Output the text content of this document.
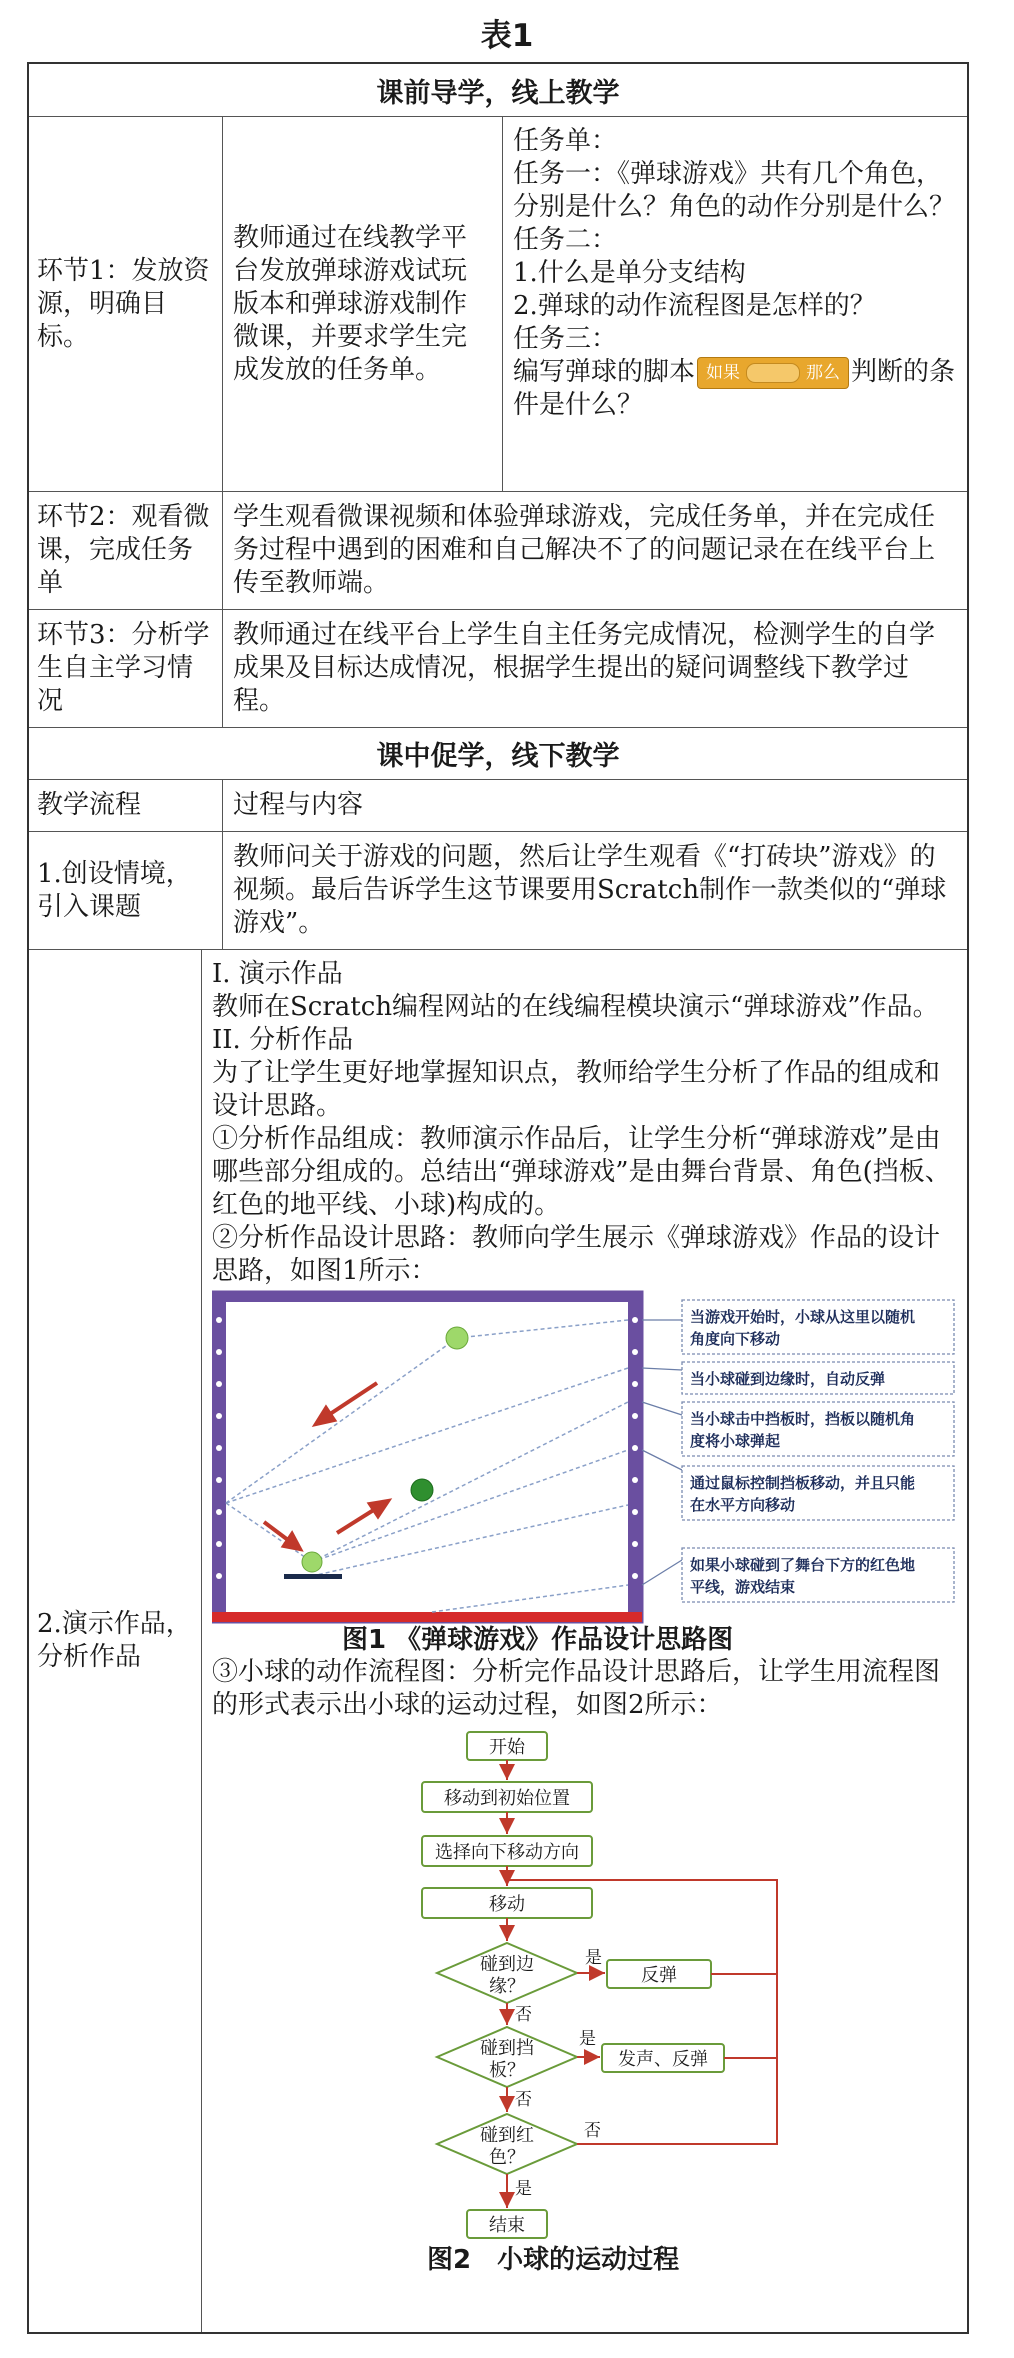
表1
课前导学，线上教学
环节1：发放资源，明确目标。
教师通过在线教学平台发放弹球游戏试玩版本和弹球游戏制作微课，并要求学生完成发放的任务单。
任务单：
任务一：《弹球游戏》共有几个角色，分别是什么？角色的动作分别是什么？
任务二：
1.什么是单分支结构
2.弹球的动作流程图是怎样的？
任务三：
编写弹球的脚本 如果	那么 判断的条件是什么？
环节2：观看微课，完成任务单
学生观看微课视频和体验弹球游戏，完成任务单，并在完成任务过程中遇到的困难和自己解决不了的问题记录在在线平台上传至教师端。
环节3：分析学生自主学习情况
教师通过在线平台上学生自主任务完成情况，检测学生的自学成果及目标达成情况，根据学生提出的疑问调整线下教学过程。
课中促学，线下教学
教学流程	过程与内容
1.创设情境，引入课题
教师问关于游戏的问题，然后让学生观看《“打砖块”游戏》的视频。最后告诉学生这节课要用Scratch制作一款类似的“弹球游戏”。
2.演示作品，分析作品
I. 演示作品
教师在Scratch编程网站的在线编程模块演示“弹球游戏”作品。
II. 分析作品
为了让学生更好地掌握知识点，教师给学生分析了作品的组成和设计思路。
①分析作品组成：教师演示作品后，让学生分析“弹球游戏”是由哪些部分组成的。总结出“弹球游戏”是由舞台背景、角色(挡板、红色的地平线、小球)构成的。
②分析作品设计思路：教师向学生展示《弹球游戏》作品的设计思路，如图1所示：
当游戏开始时，小球从这里以随机
角度向下移动
当小球碰到边缘时，自动反弹
当小球击中挡板时，挡板以随机角
度将小球弹起
通过鼠标控制挡板移动，并且只能
在水平方向移动
如果小球碰到了舞台下方的红色地
平线，游戏结束
图1 《弹球游戏》作品设计思路图
③小球的动作流程图：分析完作品设计思路后，让学生用流程图的形式表示出小球的运动过程，如图2所示：
开始
移动到初始位置
选择向下移动方向
移动
碰到边
缘？
碰到挡
板？
碰到红
色？
反弹
发声、反弹
结束
是
否
是
否
否
是
图2　小球的运动过程
